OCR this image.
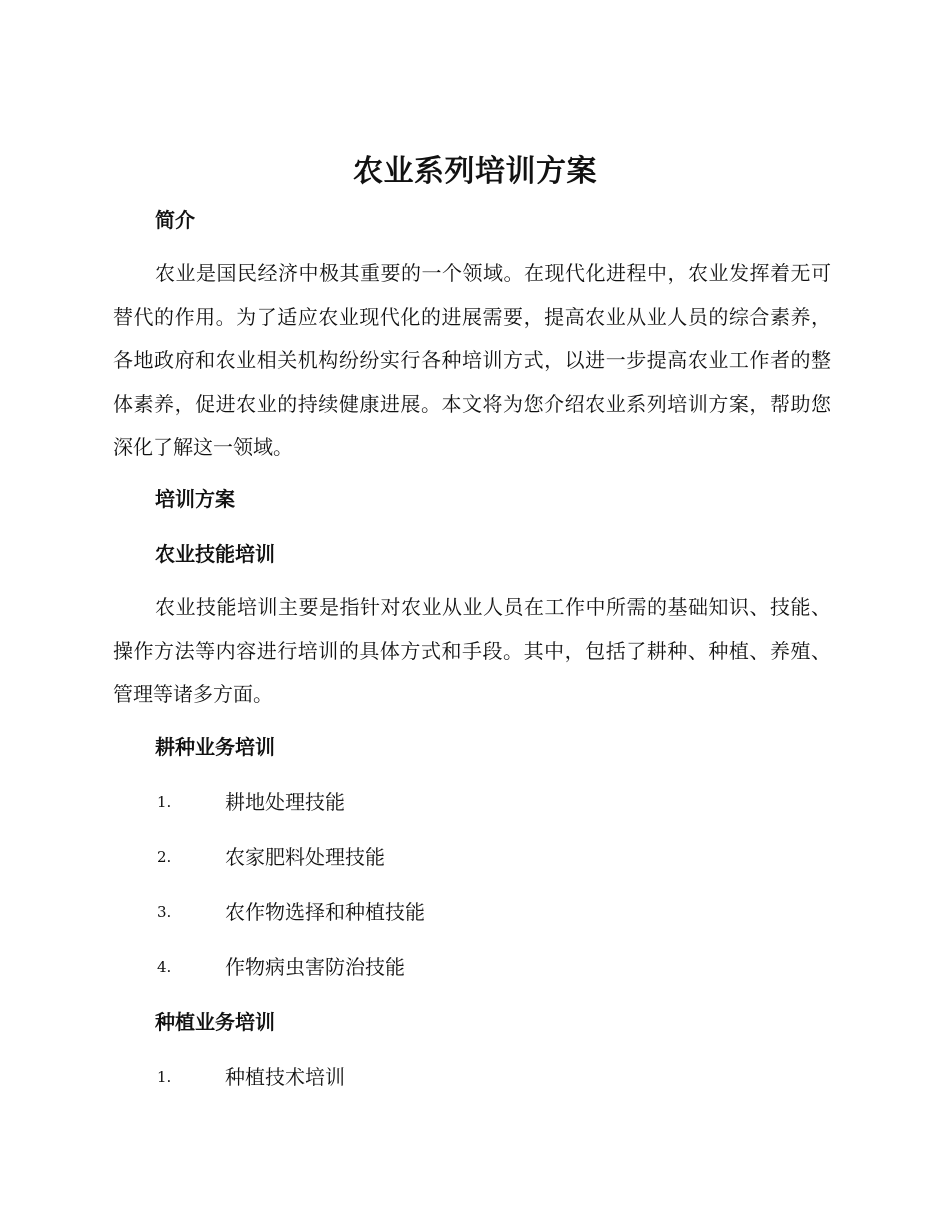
农业系列培训方案
简介
农业是国民经济中极其重要的一个领域。在现代化进程中，农业发挥着无可替代的作用。为了适应农业现代化的进展需要，提高农业从业人员的综合素养，各地政府和农业相关机构纷纷实行各种培训方式，以进一步提高农业工作者的整体素养，促进农业的持续健康进展。本文将为您介绍农业系列培训方案，帮助您深化了解这一领域。
培训方案
农业技能培训
农业技能培训主要是指针对农业从业人员在工作中所需的基础知识、技能、操作方法等内容进行培训的具体方式和手段。其中，包括了耕种、种植、养殖、管理等诸多方面。
耕种业务培训
1.	耕地处理技能
2.	农家肥料处理技能
3.	农作物选择和种植技能
4.	作物病虫害防治技能
种植业务培训
1.	种植技术培训
